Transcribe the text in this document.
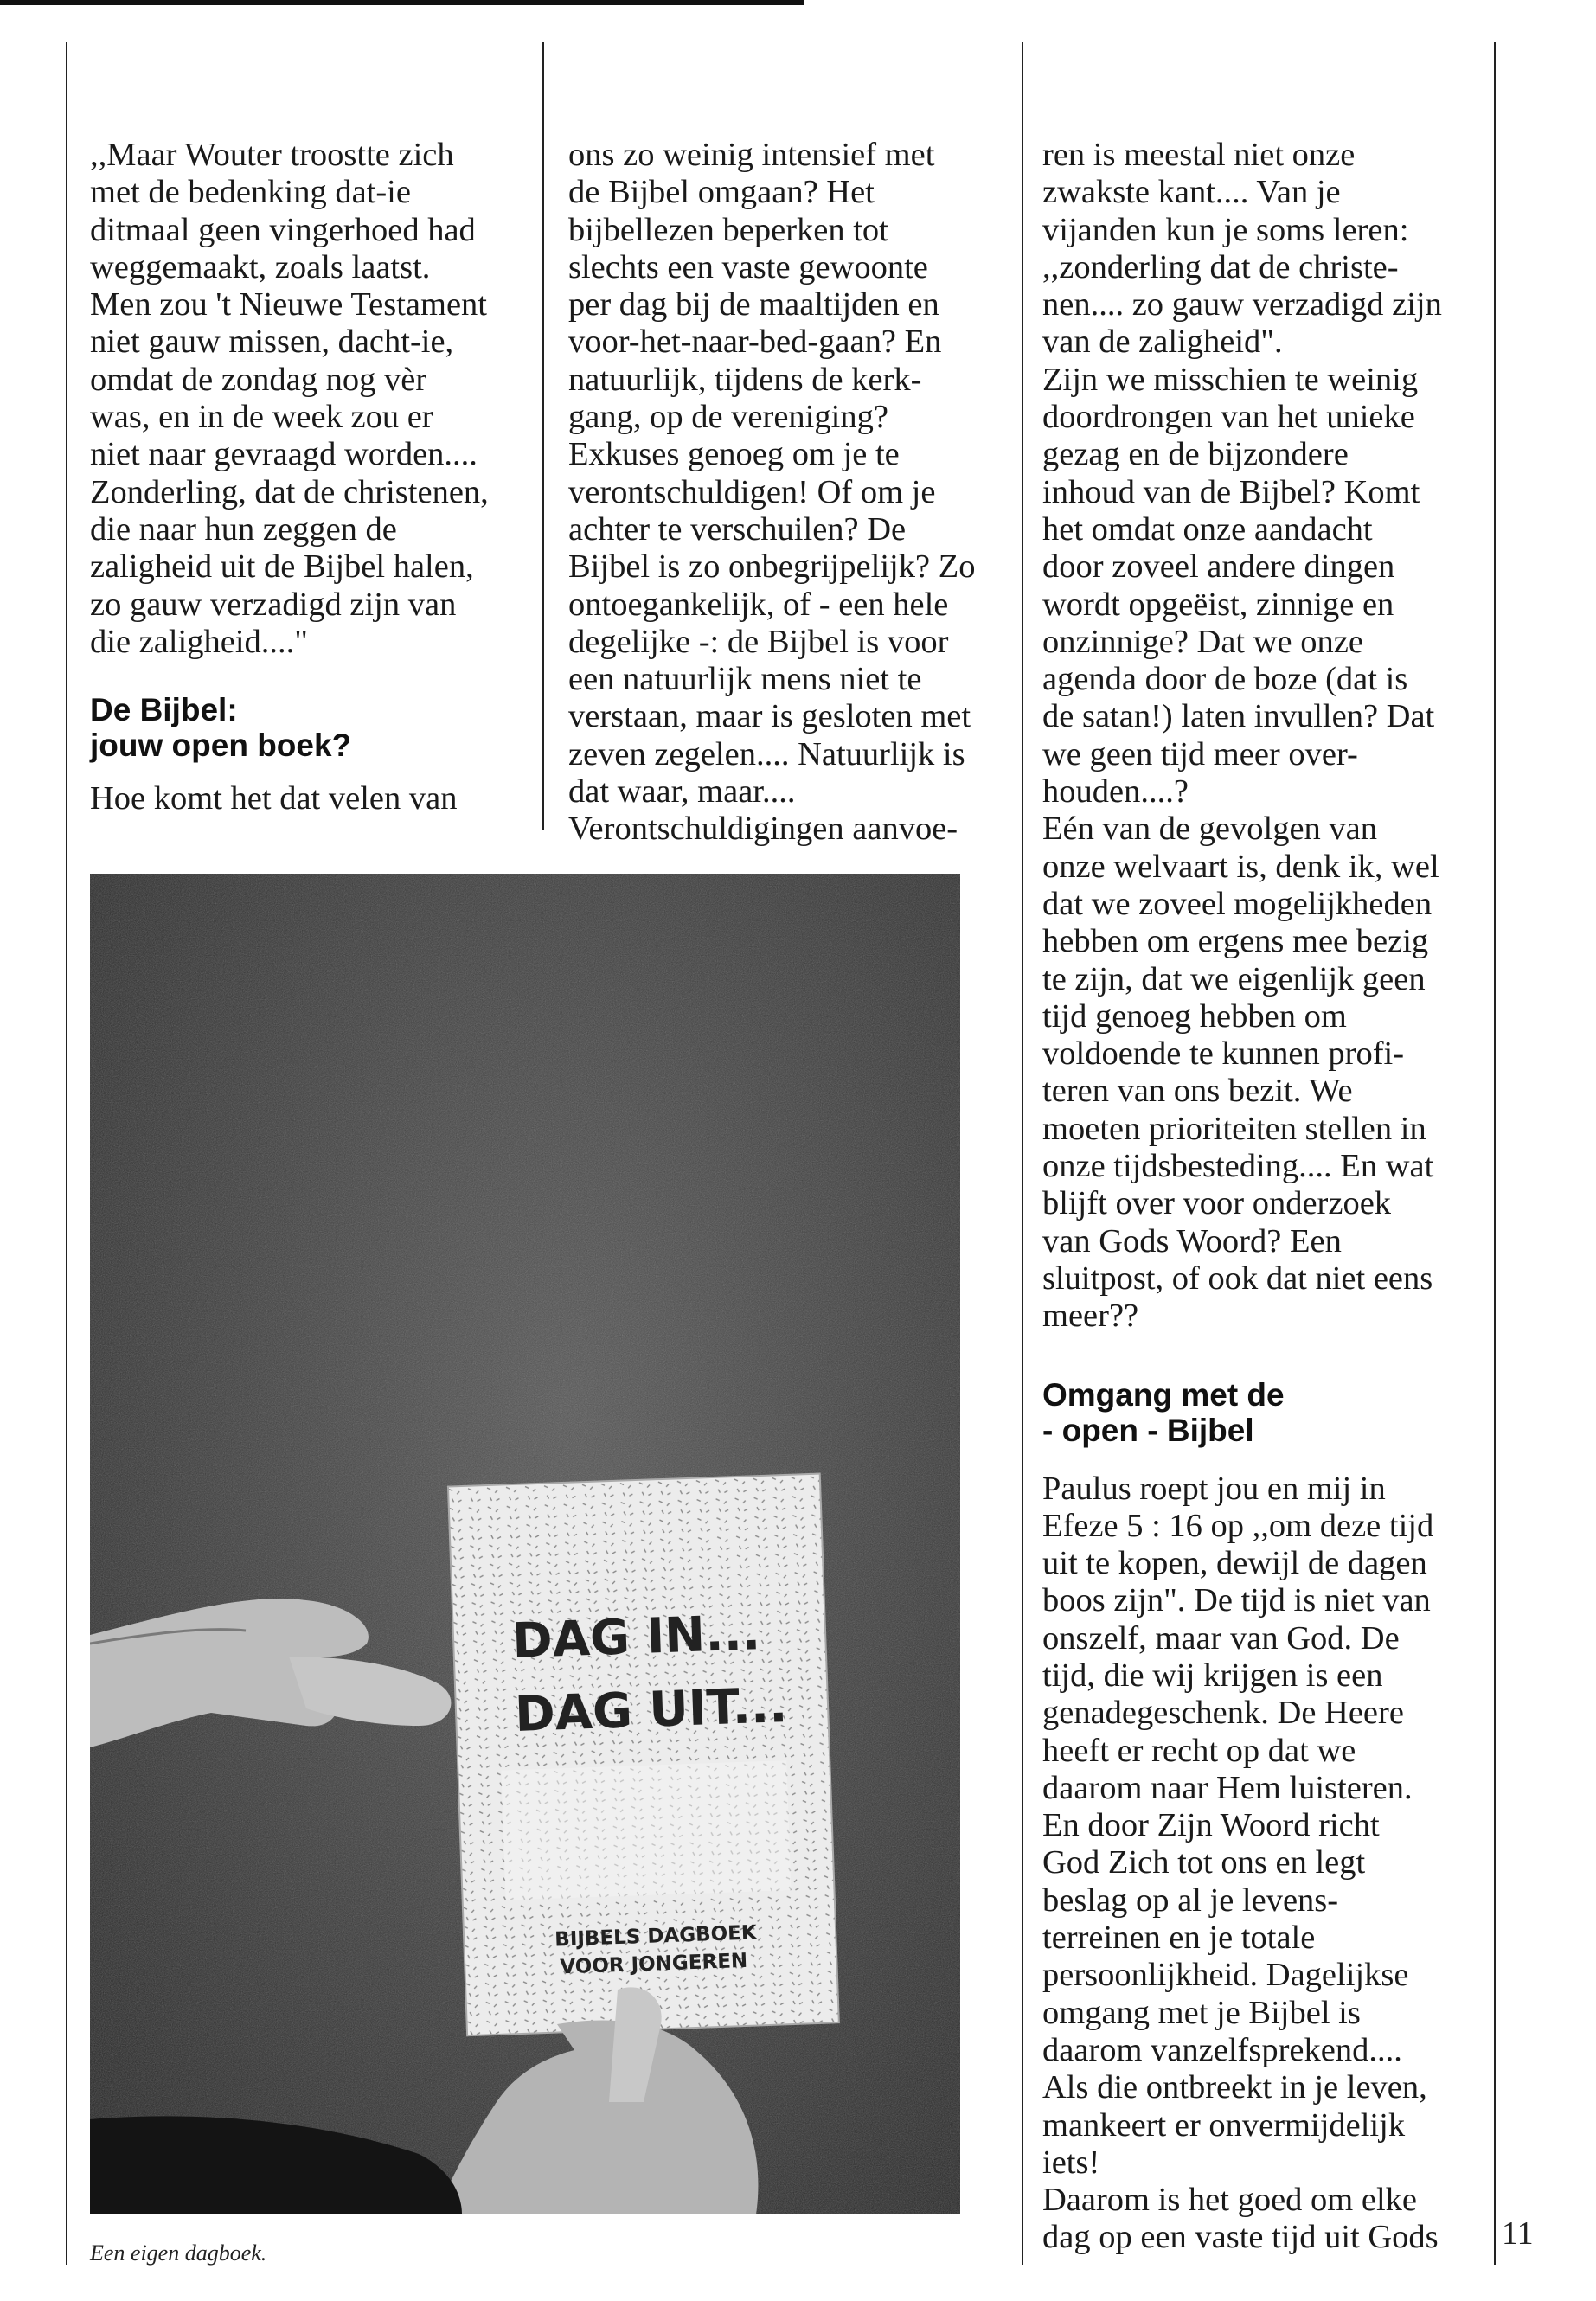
,,Maar Wouter troostte zich
met de bedenking dat-ie
ditmaal geen vingerhoed had
weggemaakt, zoals laatst.
Men zou 't Nieuwe Testament
niet gauw missen, dacht-ie,
omdat de zondag nog vèr
was, en in de week zou er
niet naar gevraagd worden....
Zonderling, dat de christenen,
die naar hun zeggen de
zaligheid uit de Bijbel halen,
zo gauw verzadigd zijn van
die zaligheid...."
De Bijbel:
jouw open boek?
Hoe komt het dat velen van
ons zo weinig intensief met
de Bijbel omgaan? Het
bijbellezen beperken tot
slechts een vaste gewoonte
per dag bij de maaltijden en
voor-het-naar-bed-gaan? En
natuurlijk, tijdens de kerk-
gang, op de vereniging?
Exkuses genoeg om je te
verontschuldigen! Of om je
achter te verschuilen? De
Bijbel is zo onbegrijpelijk? Zo
ontoegankelijk, of - een hele
degelijke -: de Bijbel is voor
een natuurlijk mens niet te
verstaan, maar is gesloten met
zeven zegelen.... Natuurlijk is
dat waar, maar....
Verontschuldigingen aanvoe-
ren is meestal niet onze
zwakste kant.... Van je
vijanden kun je soms leren:
,,zonderling dat de christe-
nen.... zo gauw verzadigd zijn
van de zaligheid".
Zijn we misschien te weinig
doordrongen van het unieke
gezag en de bijzondere
inhoud van de Bijbel? Komt
het omdat onze aandacht
door zoveel andere dingen
wordt opgeëist, zinnige en
onzinnige? Dat we onze
agenda door de boze (dat is
de satan!) laten invullen? Dat
we geen tijd meer over-
houden....?
Eén van de gevolgen van
onze welvaart is, denk ik, wel
dat we zoveel mogelijkheden
hebben om ergens mee bezig
te zijn, dat we eigenlijk geen
tijd genoeg hebben om
voldoende te kunnen profi-
teren van ons bezit. We
moeten prioriteiten stellen in
onze tijdsbesteding.... En wat
blijft over voor onderzoek
van Gods Woord? Een
sluitpost, of ook dat niet eens
meer??
Omgang met de
- open - Bijbel
Paulus roept jou en mij in
Efeze 5 : 16 op ,,om deze tijd
uit te kopen, dewijl de dagen
boos zijn". De tijd is niet van
onszelf, maar van God. De
tijd, die wij krijgen is een
genadegeschenk. De Heere
heeft er recht op dat we
daarom naar Hem luisteren.
En door Zijn Woord richt
God Zich tot ons en legt
beslag op al je levens-
terreinen en je totale
persoonlijkheid. Dagelijkse
omgang met je Bijbel is
daarom vanzelfsprekend....
Als die ontbreekt in je leven,
mankeert er onvermijdelijk
iets!
Daarom is het goed om elke
dag op een vaste tijd uit Gods
DAG IN...
DAG UIT...
BIJBELS DAGBOEK
VOOR JONGEREN
Een eigen dagboek.
11
